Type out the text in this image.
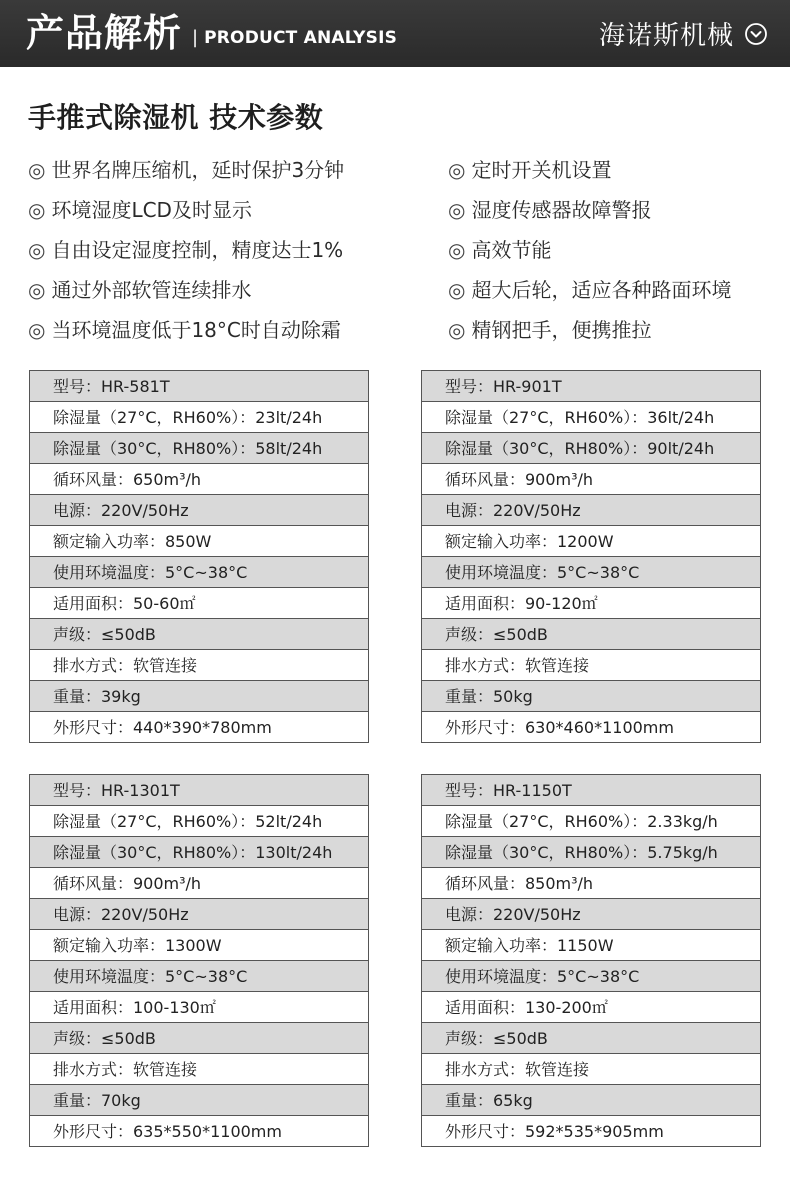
产品解析 | PRODUCT ANALYSIS	海诺斯机械
手推式除湿机 技术参数
◎ 世界名牌压缩机，延时保护3分钟
◎ 环境湿度LCD及时显示
◎ 自由设定湿度控制，精度达士1%
◎ 通过外部软管连续排水
◎ 当环境温度低于18°C时自动除霜
◎ 定时开关机设置
◎ 湿度传感器故障警报
◎ 高效节能
◎ 超大后轮，适应各种路面环境
◎ 精钢把手，便携推拉
型号：HR-581T
除湿量（27°C，RH60%）：23lt/24h
除湿量（30°C，RH80%）：58lt/24h
循环风量：650m³/h
电源：220V/50Hz
额定输入功率：850W
使用环境温度：5°C~38°C
适用面积：50-60㎡
声级：≤50dB
排水方式：软管连接
重量：39kg
外形尺寸：440*390*780mm
型号：HR-901T
除湿量（27°C，RH60%）：36lt/24h
除湿量（30°C，RH80%）：90lt/24h
循环风量：900m³/h
电源：220V/50Hz
额定输入功率：1200W
使用环境温度：5°C~38°C
适用面积：90-120㎡
声级：≤50dB
排水方式：软管连接
重量：50kg
外形尺寸：630*460*1100mm
型号：HR-1301T
除湿量（27°C，RH60%）：52lt/24h
除湿量（30°C，RH80%）：130lt/24h
循环风量：900m³/h
电源：220V/50Hz
额定输入功率：1300W
使用环境温度：5°C~38°C
适用面积：100-130㎡
声级：≤50dB
排水方式：软管连接
重量：70kg
外形尺寸：635*550*1100mm
型号：HR-1150T
除湿量（27°C，RH60%）：2.33kg/h
除湿量（30°C，RH80%）：5.75kg/h
循环风量：850m³/h
电源：220V/50Hz
额定输入功率：1150W
使用环境温度：5°C~38°C
适用面积：130-200㎡
声级：≤50dB
排水方式：软管连接
重量：65kg
外形尺寸：592*535*905mm
